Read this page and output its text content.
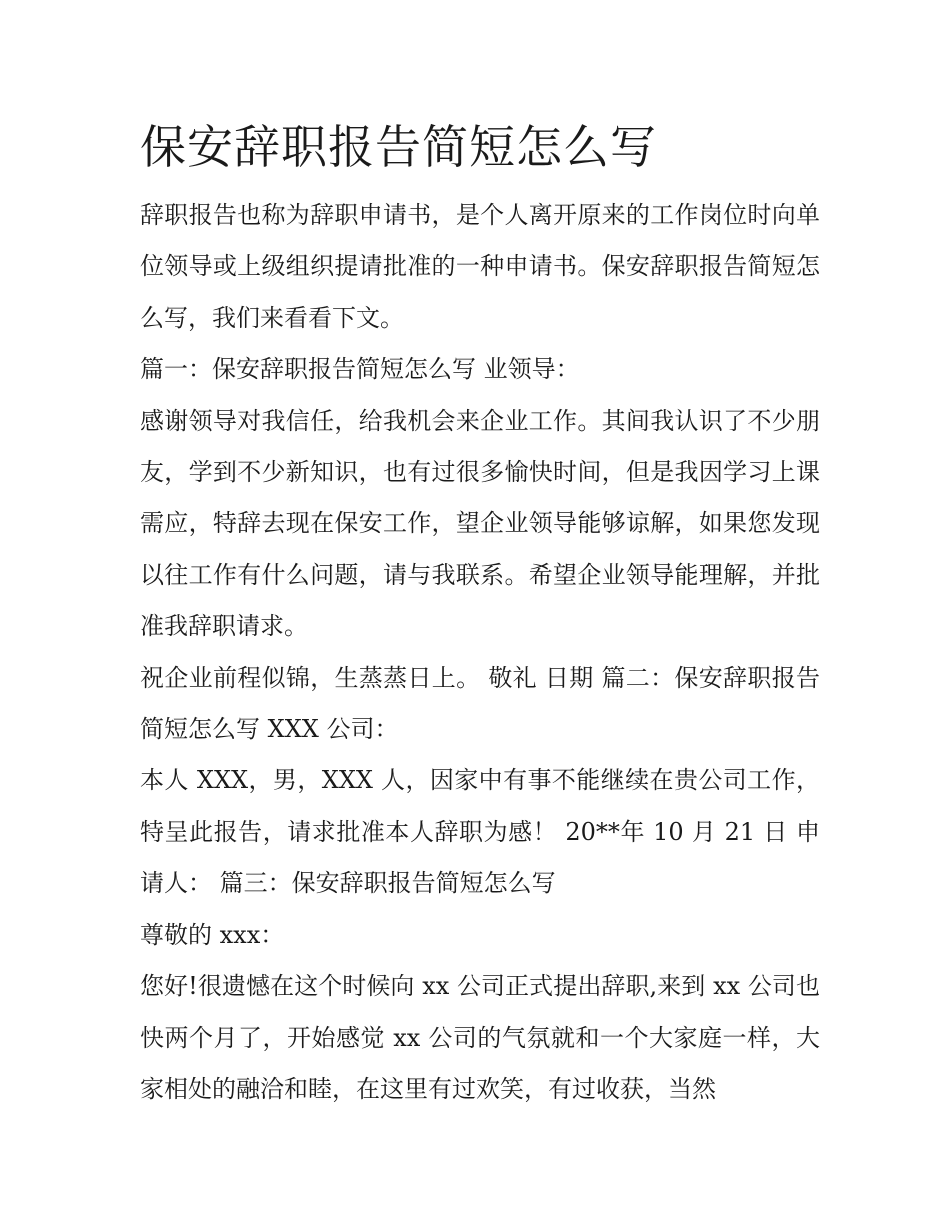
保安辞职报告简短怎么写

辞职报告也称为辞职申请书，是个人离开原来的工作岗位时向单位领导或上级组织提请批准的一种申请书。保安辞职报告简短怎么写，我们来看看下文。

篇一：保安辞职报告简短怎么写 业领导：

感谢领导对我信任，给我机会来企业工作。其间我认识了不少朋友，学到不少新知识，也有过很多愉快时间，但是我因学习上课需应，特辞去现在保安工作，望企业领导能够谅解，如果您发现以往工作有什么问题，请与我联系。希望企业领导能理解，并批准我辞职请求。

祝企业前程似锦，生蒸蒸日上。 敬礼 日期 篇二：保安辞职报告简短怎么写 XXX 公司：

本人 XXX，男，XXX 人，因家中有事不能继续在贵公司工作，特呈此报告，请求批准本人辞职为感！ 20**年 10 月 21 日 申请人： 篇三：保安辞职报告简短怎么写

尊敬的 xxx：

您好!很遗憾在这个时候向 xx 公司正式提出辞职,来到 xx 公司也快两个月了，开始感觉 xx 公司的气氛就和一个大家庭一样，大家相处的融洽和睦，在这里有过欢笑，有过收获，当然
